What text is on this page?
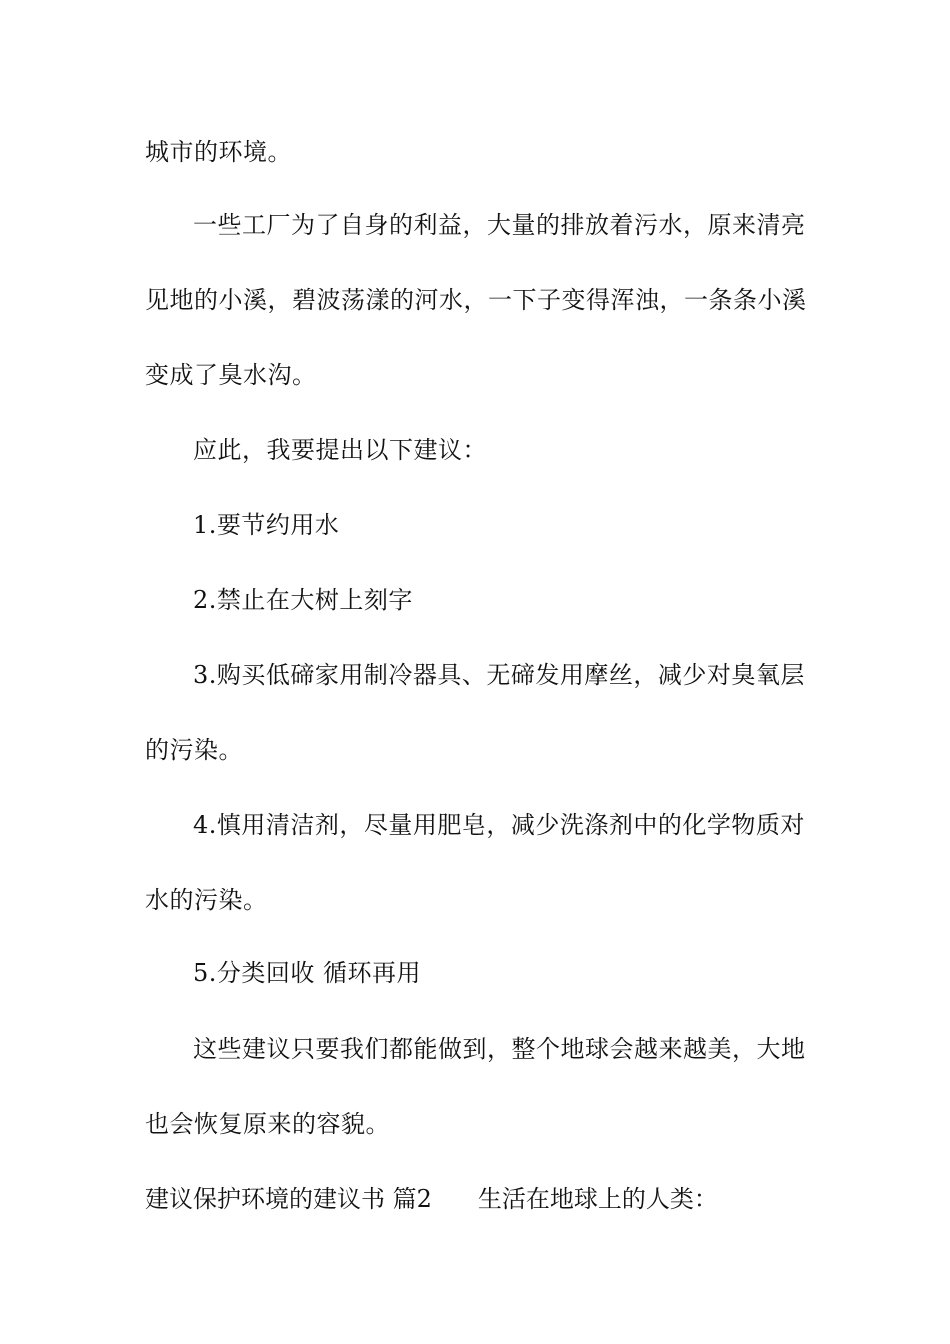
城市的环境。
一些工厂为了自身的利益，大量的排放着污水，原来清亮
见地的小溪，碧波荡漾的河水，一下子变得浑浊，一条条小溪
变成了臭水沟。
应此，我要提出以下建议：
1.要节约用水
2.禁止在大树上刻字
3.购买低碲家用制冷器具、无碲发用摩丝，减少对臭氧层
的污染。
4.慎用清洁剂，尽量用肥皂，减少洗涤剂中的化学物质对
水的污染。
5.分类回收 循环再用
这些建议只要我们都能做到，整个地球会越来越美，大地
也会恢复原来的容貌。
建议保护环境的建议书 篇2 生活在地球上的人类：
